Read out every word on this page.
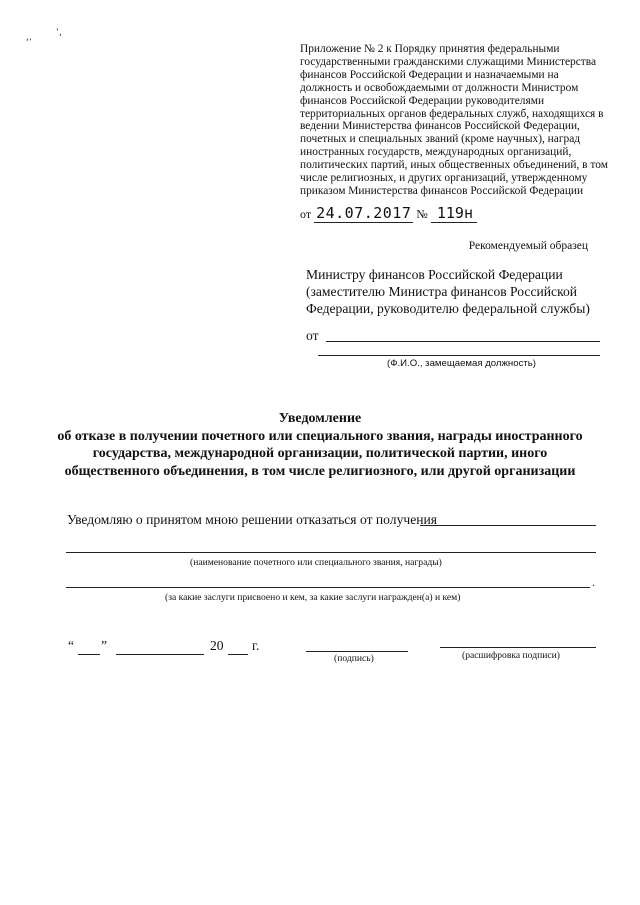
‘’
‛‚
Приложение № 2 к Порядку принятия федеральными
государственными гражданскими служащими Министерства
финансов Российской Федерации и назначаемыми на
должность и освобождаемыми от должности Министром
финансов Российской Федерации руководителями
территориальных органов федеральных служб, находящихся в
ведении Министерства финансов Российской Федерации,
почетных и специальных званий (кроме научных), наград
иностранных государств, международных организаций,
политических партий, иных общественных объединений, в том
числе религиозных, и других организаций, утвержденному
приказом Министерства финансов Российской Федерации
от 24.07.2017 № 119н
Рекомендуемый образец
Министру финансов Российской Федерации
(заместителю Министра финансов Российской
Федерации, руководителю федеральной службы)
от
(Ф.И.О., замещаемая должность)
Уведомление
об отказе в получении почетного или специального звания, награды иностранного
государства, международной организации, политической партии, иного
общественного объединения, в том числе религиозного, или другой организации
Уведомляю о принятом мною решении отказаться от получения
(наименование почетного или специального звания, награды)
.
(за какие заслуги присвоено и кем, за какие заслуги награжден(а) и кем)
“ ”	20 г.
(подпись)	(расшифровка подписи)
